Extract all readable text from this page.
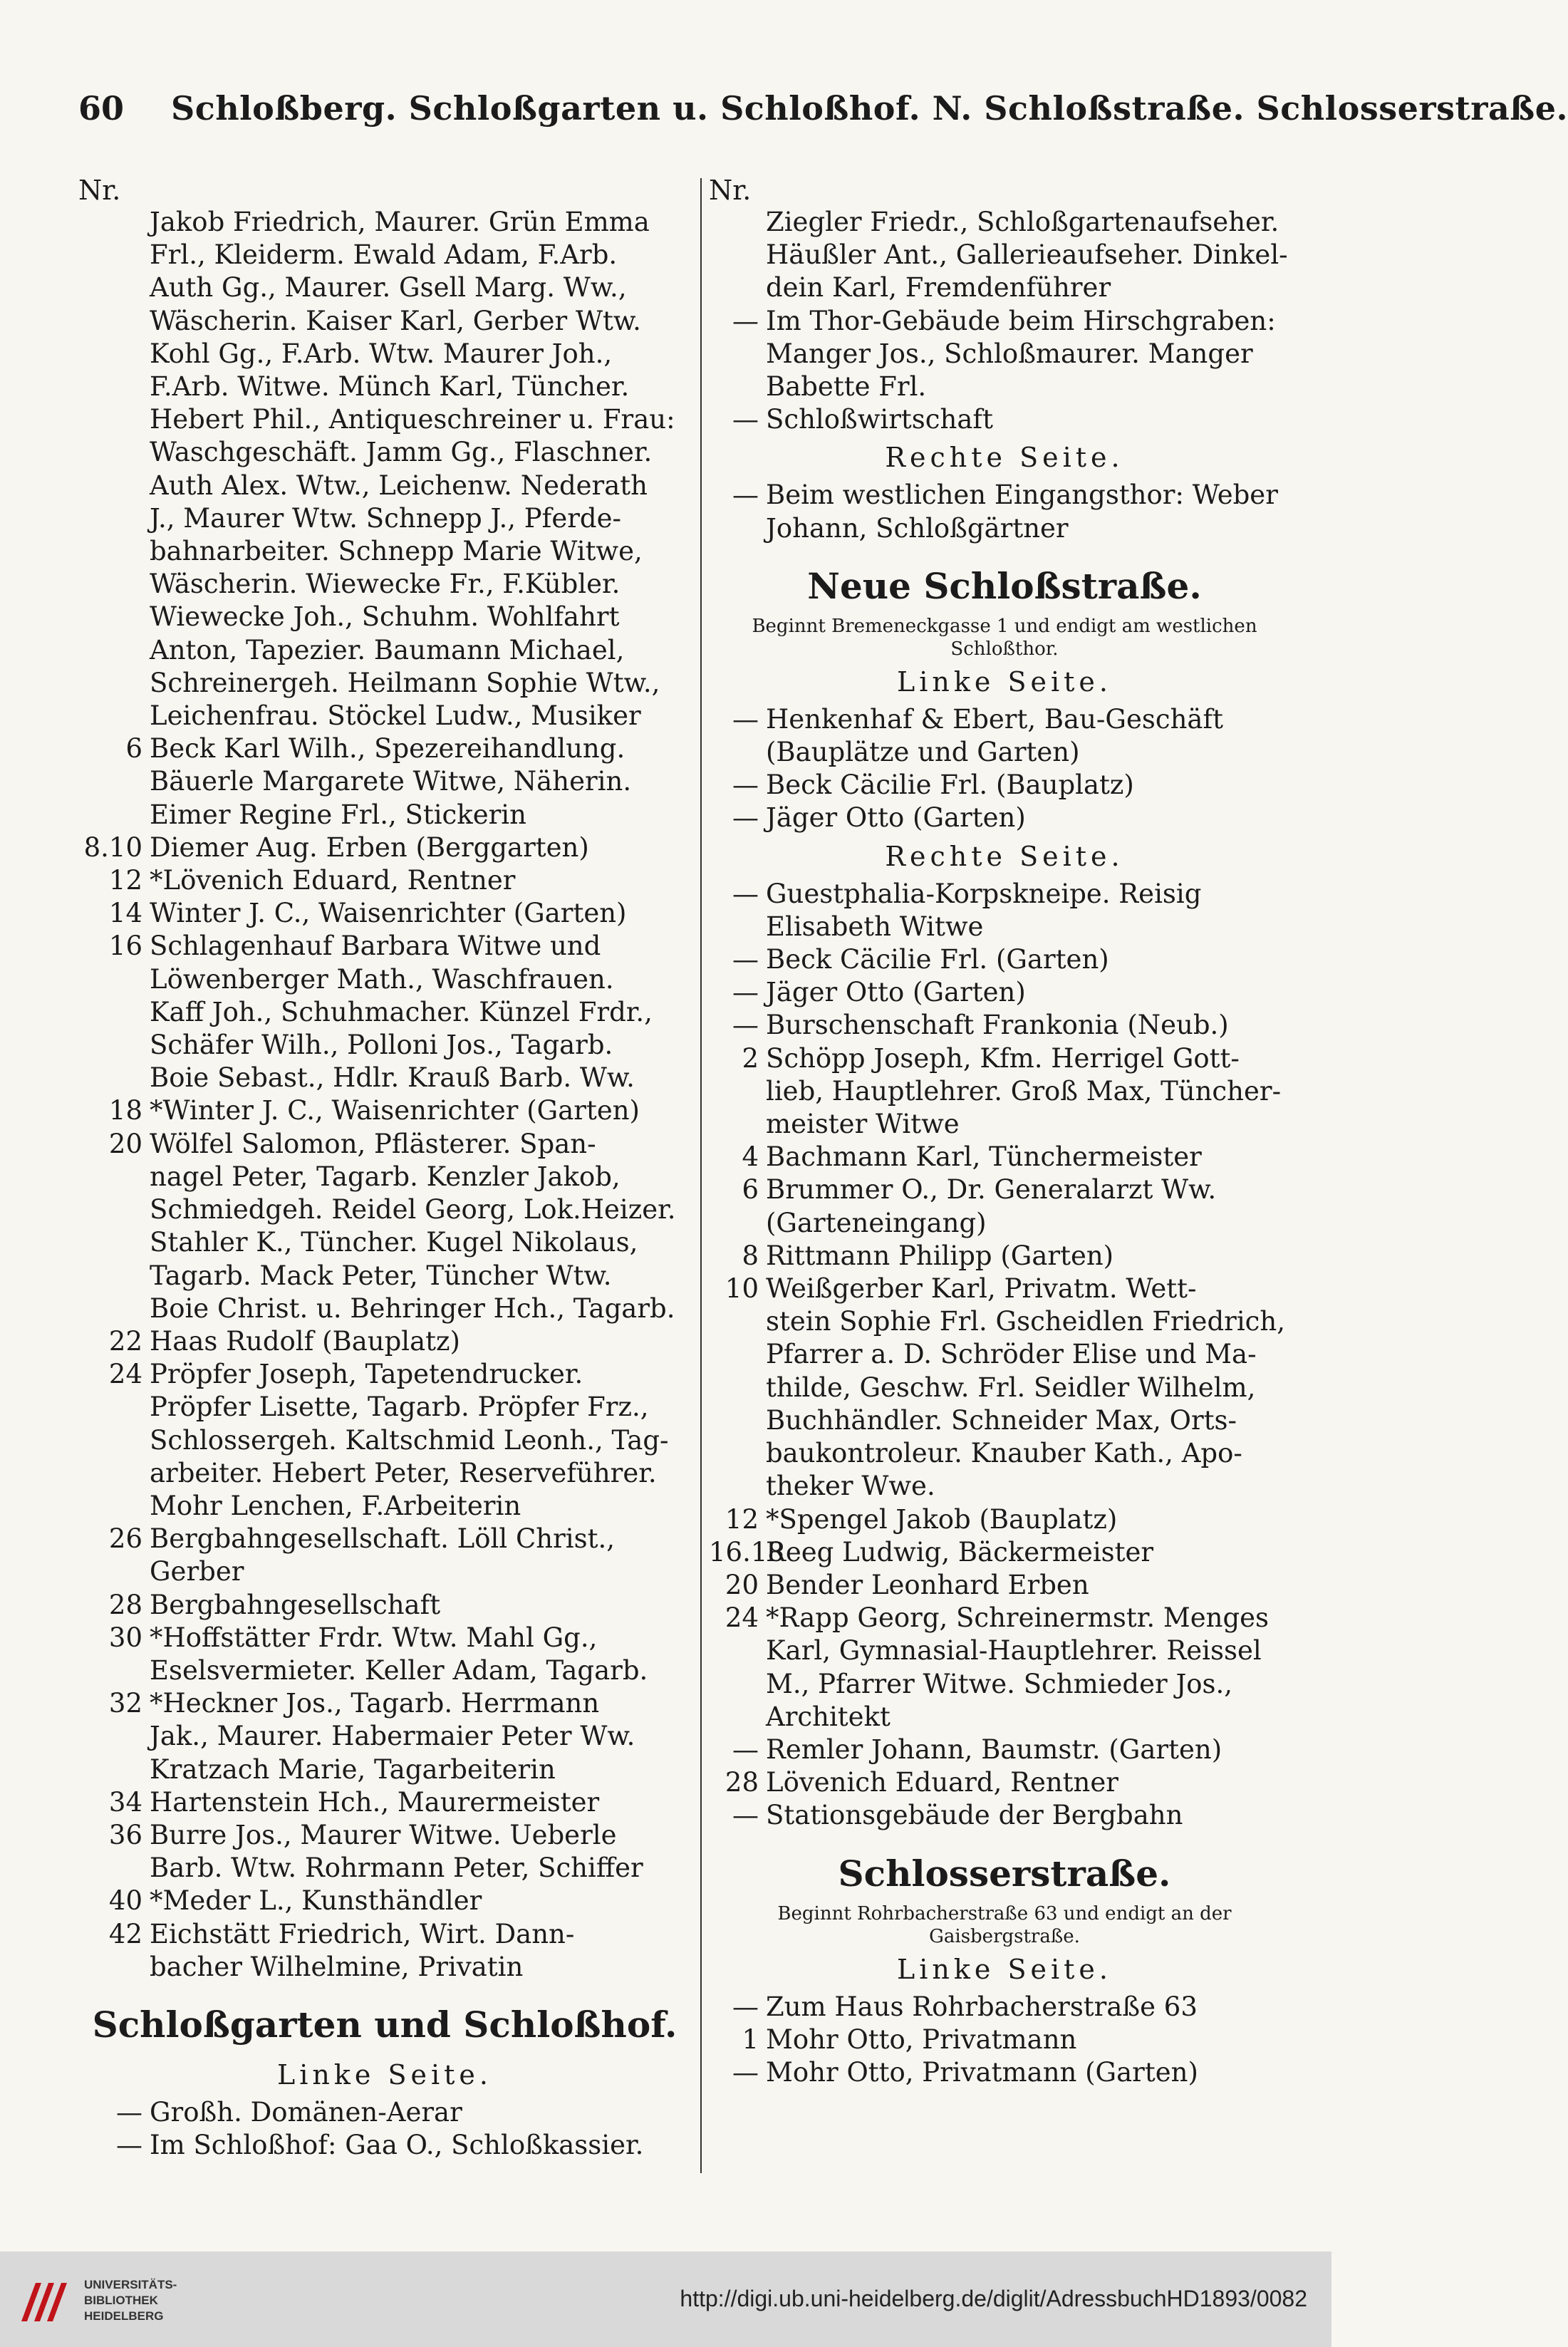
60 Schloßberg. Schloßgarten u. Schloßhof. N. Schloßstraße. Schlosserstraße.
Nr.
Jakob Friedrich, Maurer. Grün Emma
Frl., Kleiderm. Ewald Adam, F.Arb.
Auth Gg., Maurer. Gsell Marg. Ww.,
Wäscherin. Kaiser Karl, Gerber Wtw.
Kohl Gg., F.Arb. Wtw. Maurer Joh.,
F.Arb. Witwe. Münch Karl, Tüncher.
Hebert Phil., Antiqueschreiner u. Frau:
Waschgeschäft. Jamm Gg., Flaschner.
Auth Alex. Wtw., Leichenw. Nederath
J., Maurer Wtw. Schnepp J., Pferde-
bahnarbeiter. Schnepp Marie Witwe,
Wäscherin. Wiewecke Fr., F.Kübler.
Wiewecke Joh., Schuhm. Wohlfahrt
Anton, Tapezier. Baumann Michael,
Schreinergeh. Heilmann Sophie Wtw.,
Leichenfrau. Stöckel Ludw., Musiker
6 Beck Karl Wilh., Spezereihandlung.
Bäuerle Margarete Witwe, Näherin.
Eimer Regine Frl., Stickerin
8.10 Diemer Aug. Erben (Berggarten)
12 *Lövenich Eduard, Rentner
14 Winter J. C., Waisenrichter (Garten)
16 Schlagenhauf Barbara Witwe und
Löwenberger Math., Waschfrauen.
Kaff Joh., Schuhmacher. Künzel Frdr.,
Schäfer Wilh., Polloni Jos., Tagarb.
Boie Sebast., Hdlr. Krauß Barb. Ww.
18 *Winter J. C., Waisenrichter (Garten)
20 Wölfel Salomon, Pflästerer. Span-
nagel Peter, Tagarb. Kenzler Jakob,
Schmiedgeh. Reidel Georg, Lok.Heizer.
Stahler K., Tüncher. Kugel Nikolaus,
Tagarb. Mack Peter, Tüncher Wtw.
Boie Christ. u. Behringer Hch., Tagarb.
22 Haas Rudolf (Bauplatz)
24 Pröpfer Joseph, Tapetendrucker.
Pröpfer Lisette, Tagarb. Pröpfer Frz.,
Schlossergeh. Kaltschmid Leonh., Tag-
arbeiter. Hebert Peter, Reserveführer.
Mohr Lenchen, F.Arbeiterin
26 Bergbahngesellschaft. Löll Christ.,
Gerber
28 Bergbahngesellschaft
30 *Hoffstätter Frdr. Wtw. Mahl Gg.,
Eselsvermieter. Keller Adam, Tagarb.
32 *Heckner Jos., Tagarb. Herrmann
Jak., Maurer. Habermaier Peter Ww.
Kratzach Marie, Tagarbeiterin
34 Hartenstein Hch., Maurermeister
36 Burre Jos., Maurer Witwe. Ueberle
Barb. Wtw. Rohrmann Peter, Schiffer
40 *Meder L., Kunsthändler
42 Eichstätt Friedrich, Wirt. Dann-
bacher Wilhelmine, Privatin
Schloßgarten und Schloßhof.
Linke Seite.
— Großh. Domänen-Aerar
— Im Schloßhof: Gaa O., Schloßkassier.
Nr.
Ziegler Friedr., Schloßgartenaufseher.
Häußler Ant., Gallerieaufseher. Dinkel-
dein Karl, Fremdenführer
— Im Thor-Gebäude beim Hirschgraben:
Manger Jos., Schloßmaurer. Manger
Babette Frl.
— Schloßwirtschaft
Rechte Seite.
— Beim westlichen Eingangsthor: Weber
Johann, Schloßgärtner
Neue Schloßstraße.
Beginnt Bremeneckgasse 1 und endigt am westlichen
Schloßthor.
Linke Seite.
— Henkenhaf & Ebert, Bau-Geschäft
(Bauplätze und Garten)
— Beck Cäcilie Frl. (Bauplatz)
— Jäger Otto (Garten)
Rechte Seite.
— Guestphalia-Korpskneipe. Reisig
Elisabeth Witwe
— Beck Cäcilie Frl. (Garten)
— Jäger Otto (Garten)
— Burschenschaft Frankonia (Neub.)
2 Schöpp Joseph, Kfm. Herrigel Gott-
lieb, Hauptlehrer. Groß Max, Tüncher-
meister Witwe
4 Bachmann Karl, Tünchermeister
6 Brummer O., Dr. Generalarzt Ww.
(Garteneingang)
8 Rittmann Philipp (Garten)
10 Weißgerber Karl, Privatm. Wett-
stein Sophie Frl. Gscheidlen Friedrich,
Pfarrer a. D. Schröder Elise und Ma-
thilde, Geschw. Frl. Seidler Wilhelm,
Buchhändler. Schneider Max, Orts-
baukontroleur. Knauber Kath., Apo-
theker Wwe.
12 *Spengel Jakob (Bauplatz)
16.18
Reeg Ludwig, Bäckermeister
20 Bender Leonhard Erben
24 *Rapp Georg, Schreinermstr. Menges
Karl, Gymnasial-Hauptlehrer. Reissel
M., Pfarrer Witwe. Schmieder Jos.,
Architekt
— Remler Johann, Baumstr. (Garten)
28 Lövenich Eduard, Rentner
— Stationsgebäude der Bergbahn
Schlosserstraße.
Beginnt Rohrbacherstraße 63 und endigt an der
Gaisbergstraße.
Linke Seite.
— Zum Haus Rohrbacherstraße 63
1 Mohr Otto, Privatmann
— Mohr Otto, Privatmann (Garten)
UNIVERSITÄTS-
BIBLIOTHEK
HEIDELBERG
http://digi.ub.uni-heidelberg.de/diglit/AdressbuchHD1893/0082
